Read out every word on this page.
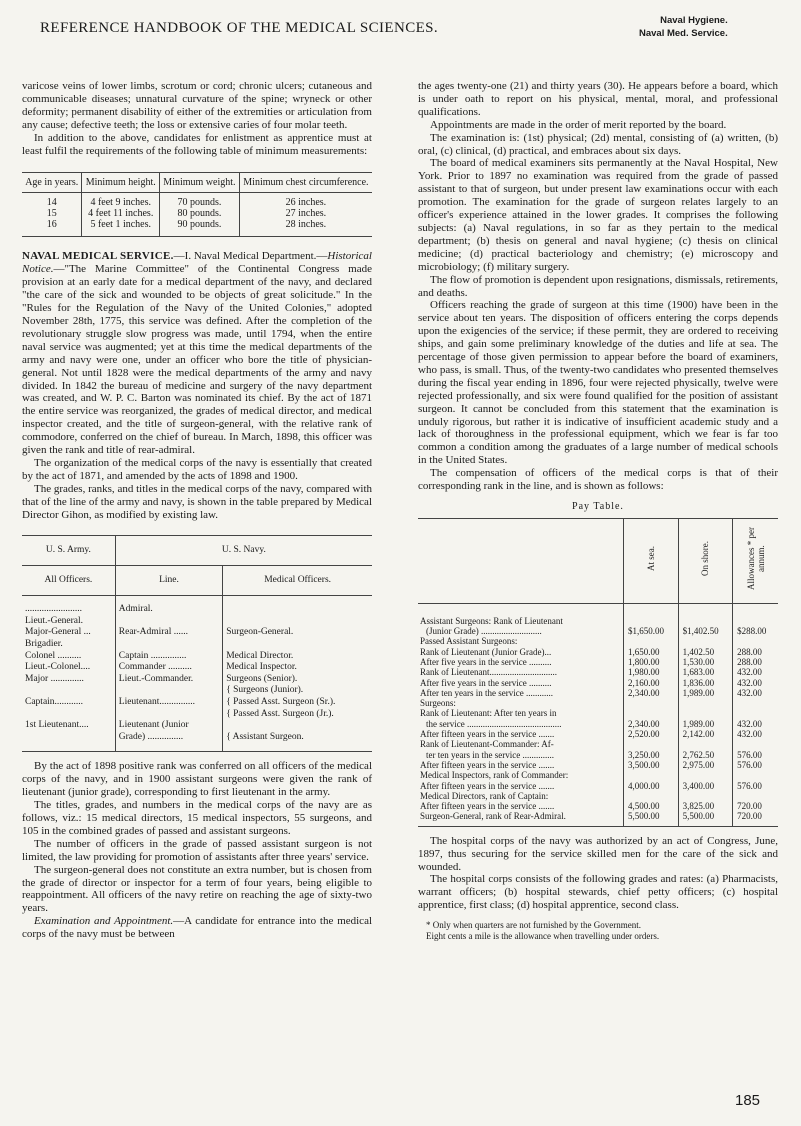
REFERENCE HANDBOOK OF THE MEDICAL SCIENCES.	Naval Hygiene.
Naval Med. Service.

varicose veins of lower limbs, scrotum or cord; chronic ulcers; cutaneous and communicable diseases; unnatural curvature of the spine; wryneck or other deformity; permanent disability of either of the extremities or articulation from any cause; defective teeth; the loss or extensive caries of four molar teeth.

In addition to the above, candidates for enlistment as apprentice must at least fulfil the requirements of the following table of minimum measurements:

Age in years.	Minimum height.	Minimum weight.	Minimum chest circumference.
14	4 feet 9 inches.	70 pounds.	26 inches.
15	4 feet 11 inches.	80 pounds.	27 inches.
16	5 feet 1 inches.	90 pounds.	28 inches.

NAVAL MEDICAL SERVICE.—I. Naval Medical Department.—Historical Notice.—"The Marine Committee" of the Continental Congress made provision at an early date for a medical department of the navy, and declared "the care of the sick and wounded to be objects of great solicitude." In the "Rules for the Regulation of the Navy of the United Colonies," adopted November 28th, 1775, this service was defined. After the completion of the revolutionary struggle slow progress was made, until 1794, when the entire naval service was augmented; yet at this time the medical departments of the army and navy were one, under an officer who bore the title of physician-general. Not until 1828 were the medical departments of the army and navy divided. In 1842 the bureau of medicine and surgery of the navy department was created, and W. P. C. Barton was nominated its chief. By the act of 1871 the entire service was reorganized, the grades of medical director, and medical inspector created, and the title of surgeon-general, with the relative rank of commodore, conferred on the chief of bureau. In March, 1898, this officer was given the rank and title of rear-admiral.

The organization of the medical corps of the navy is essentially that created by the act of 1871, and amended by the acts of 1898 and 1900.

The grades, ranks, and titles in the medical corps of the navy, compared with that of the line of the army and navy, is shown in the table prepared by Medical Director Gihon, as modified by existing law.

U. S. Army.	U. S. Navy.	
All Officers.	Line.	Medical Officers.
........................	Admiral.	
Lieut.-General.		
Major-General ...	Rear-Admiral ......	Surgeon-General.
Brigadier.		
Colonel ..........	Captain ...............	Medical Director.
Lieut.-Colonel....	Commander ..........	Medical Inspector.
Major ..............	Lieut.-Commander.	Surgeons (Senior).
		{ Surgeons (Junior).
Captain............	Lieutenant...............	{ Passed Asst. Surgeon (Sr.).
		{ Passed Asst. Surgeon (Jr.).
1st Lieutenant....	Lieutenant (Junior	
	Grade) ...............	{ Assistant Surgeon.

By the act of 1898 positive rank was conferred on all officers of the medical corps of the navy, and in 1900 assistant surgeons were given the rank of lieutenant (junior grade), corresponding to first lieutenant in the army.

The titles, grades, and numbers in the medical corps of the navy are as follows, viz.: 15 medical directors, 15 medical inspectors, 55 surgeons, and 105 in the combined grades of passed and assistant surgeons.

The number of officers in the grade of passed assistant surgeon is not limited, the law providing for promotion of assistants after three years' service.

The surgeon-general does not constitute an extra number, but is chosen from the grade of director or inspector for a term of four years, being eligible to reappointment. All officers of the navy retire on reaching the age of sixty-two years.

Examination and Appointment.—A candidate for entrance into the medical corps of the navy must be between

the ages twenty-one (21) and thirty years (30). He appears before a board, which is under oath to report on his physical, mental, moral, and professional qualifications.

Appointments are made in the order of merit reported by the board.

The examination is: (1st) physical; (2d) mental, consisting of (a) written, (b) oral, (c) clinical, (d) practical, and embraces about six days.

The board of medical examiners sits permanently at the Naval Hospital, New York. Prior to 1897 no examination was required from the grade of passed assistant to that of surgeon, but under present law examinations occur with each promotion. The examination for the grade of surgeon relates largely to an officer's experience attained in the lower grades. It comprises the following subjects: (a) Naval regulations, in so far as they pertain to the medical department; (b) thesis on general and naval hygiene; (c) thesis on clinical medicine; (d) practical bacteriology and chemistry; (e) microscopy and microbiology; (f) military surgery.

The flow of promotion is dependent upon resignations, dismissals, retirements, and deaths.

Officers reaching the grade of surgeon at this time (1900) have been in the service about ten years. The disposition of officers entering the corps depends upon the exigencies of the service; if these permit, they are ordered to receiving ships, and gain some preliminary knowledge of the duties and life at sea. The percentage of those given permission to appear before the board of examiners, who pass, is small. Thus, of the twenty-two candidates who presented themselves during the fiscal year ending in 1896, four were rejected physically, twelve were rejected professionally, and six were found qualified for the position of assistant surgeon. It cannot be concluded from this statement that the examination is unduly rigorous, but rather it is indicative of insufficient academic study and a lack of thoroughness in the professional equipment, which we fear is far too common a condition among the graduates of a large number of medical schools in the United States.

The compensation of officers of the medical corps is that of their corresponding rank in the line, and is shown as follows:

Pay Table.
	At sea.	On shore.	Allowances * per annum.
Assistant Surgeons: Rank of Lieutenant			
(Junior Grade) ...........................	$1,650.00	$1,402.50	$288.00
Passed Assistant Surgeons:			
Rank of Lieutenant (Junior Grade)...	1,650.00	1,402.50	288.00
After five years in the service ..........	1,800.00	1,530.00	288.00
Rank of Lieutenant..............................	1,980.00	1,683.00	432.00
After five years in the service ..........	2,160.00	1,836.00	432.00
After ten years in the service ............	2,340.00	1,989.00	432.00
Surgeons:			
Rank of Lieutenant: After ten years in			
the service ..........................................	2,340.00	1,989.00	432.00
After fifteen years in the service .......	2,520.00	2,142.00	432.00
Rank of Lieutenant-Commander: Af-			
ter ten years in the service ..............	3,250.00	2,762.50	576.00
After fifteen years in the service .......	3,500.00	2,975.00	576.00
Medical Inspectors, rank of Commander:			
After fifteen years in the service .......	4,000.00	3,400.00	576.00
Medical Directors, rank of Captain:			
After fifteen years in the service .......	4,500.00	3,825.00	720.00
Surgeon-General, rank of Rear-Admiral.	5,500.00	5,500.00	720.00

The hospital corps of the navy was authorized by an act of Congress, June, 1897, thus securing for the service skilled men for the care of the sick and wounded.

The hospital corps consists of the following grades and rates: (a) Pharmacists, warrant officers; (b) hospital stewards, chief petty officers; (c) hospital apprentice, first class; (d) hospital apprentice, second class.

* Only when quarters are not furnished by the Government.
Eight cents a mile is the allowance when travelling under orders.
185
